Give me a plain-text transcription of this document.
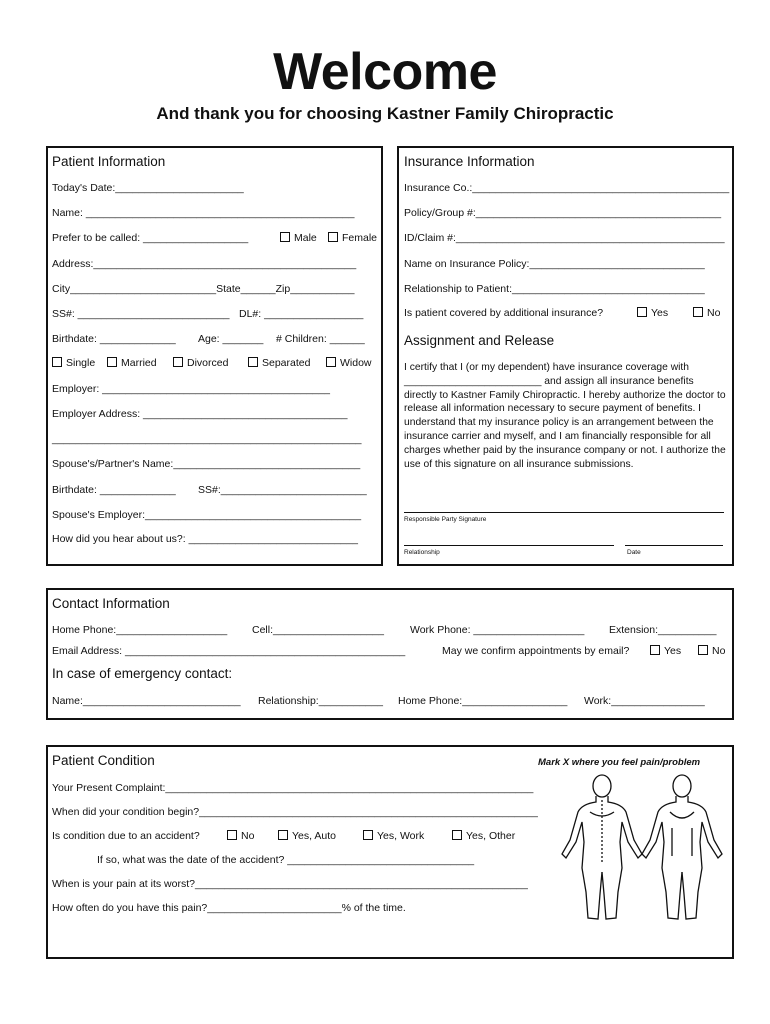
Welcome
And thank you for choosing Kastner Family Chiropractic
Patient Information
Today's Date:______________________
Name: ______________________________________________
Prefer to be called: __________________	Male	Female
Address:_____________________________________________
City_________________________State______Zip___________
SS#: __________________________ DL#: _________________
Birthdate: _____________ Age: _______ # Children: ______
Single	Married	Divorced	Separated	Widow
Employer: _______________________________________
Employer Address: ___________________________________
_____________________________________________________
Spouse's/Partner's Name:________________________________
Birthdate: _____________ SS#:_________________________
Spouse's Employer:_____________________________________
How did you hear about us?: _____________________________
Insurance Information
Insurance Co.:____________________________________________
Policy/Group #:__________________________________________
ID/Claim #:______________________________________________
Name on Insurance Policy:______________________________
Relationship to Patient:_________________________________
Is patient covered by additional insurance?	Yes	No
Assignment and Release
I certify that I (or my dependent) have insurance coverage with ________________________ and assign all insurance benefits directly to Kastner Family Chiropractic. I hereby authorize the doctor to release all information necessary to secure payment of benefits. I understand that my insurance policy is an arrangement between the insurance carrier and myself, and I am financially responsible for all charges whether paid by the insurance company or not. I authorize the use of this signature on all insurance submissions.
Responsible Party Signature
Relationship	Date
Contact Information
Home Phone:___________________ Cell:___________________ Work Phone: ___________________ Extension:__________
Email Address: ________________________________________________	May we confirm appointments by email?	Yes	No
In case of emergency contact:
Name:___________________________ Relationship:___________ Home Phone:__________________ Work:________________
Patient Condition	Mark X where you feel pain/problem
Your Present Complaint:_______________________________________________________________
When did your condition begin?__________________________________________________________
Is condition due to an accident?	No	Yes, Auto	Yes, Work	Yes, Other
If so, what was the date of the accident? ________________________________
When is your pain at its worst?_________________________________________________________
How often do you have this pain?_______________________% of the time.
